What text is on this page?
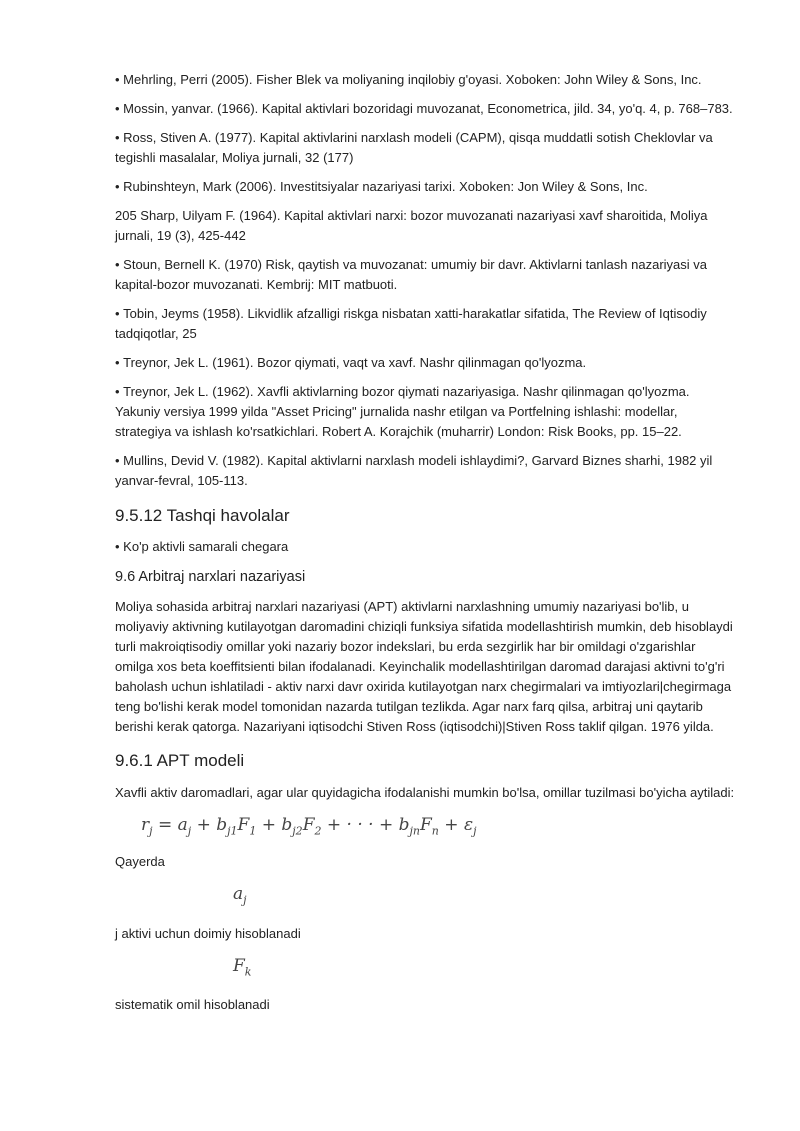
• Mehrling, Perri (2005). Fisher Blek va moliyaning inqilobiy g'oyasi. Xoboken: John Wiley & Sons, Inc.
• Mossin, yanvar. (1966). Kapital aktivlari bozoridagi muvozanat, Econometrica, jild. 34, yo'q. 4, p. 768–783.
• Ross, Stiven A. (1977). Kapital aktivlarini narxlash modeli (CAPM), qisqa muddatli sotish Cheklovlar va tegishli masalalar, Moliya jurnali, 32 (177)
• Rubinshteyn, Mark (2006). Investitsiyalar nazariyasi tarixi. Xoboken: Jon Wiley & Sons, Inc.
205 Sharp, Uilyam F. (1964). Kapital aktivlari narxi: bozor muvozanati nazariyasi xavf sharoitida, Moliya jurnali, 19 (3), 425-442
• Stoun, Bernell K. (1970) Risk, qaytish va muvozanat: umumiy bir davr. Aktivlarni tanlash nazariyasi va kapital-bozor muvozanati. Kembrij: MIT matbuoti.
• Tobin, Jeyms (1958). Likvidlik afzalligi riskga nisbatan xatti-harakatlar sifatida, The Review of Iqtisodiy tadqiqotlar, 25
• Treynor, Jek L. (1961). Bozor qiymati, vaqt va xavf. Nashr qilinmagan qo'lyozma.
• Treynor, Jek L. (1962). Xavfli aktivlarning bozor qiymati nazariyasiga. Nashr qilinmagan qo'lyozma. Yakuniy versiya 1999 yilda "Asset Pricing" jurnalida nashr etilgan va Portfelning ishlashi: modellar, strategiya va ishlash ko'rsatkichlari. Robert A. Korajchik (muharrir) London: Risk Books, pp. 15–22.
• Mullins, Devid V. (1982). Kapital aktivlarni narxlash modeli ishlaydimi?, Garvard Biznes sharhi, 1982 yil yanvar-fevral, 105-113.
9.5.12 Tashqi havolalar
• Ko'p aktivli samarali chegara
9.6 Arbitraj narxlari nazariyasi
Moliya sohasida arbitraj narxlari nazariyasi (APT) aktivlarni narxlashning umumiy nazariyasi bo'lib, u moliyaviy aktivning kutilayotgan daromadini chiziqli funksiya sifatida modellashtirish mumkin, deb hisoblaydi turli makroiqtisodiy omillar yoki nazariy bozor indekslari, bu erda sezgirlik har bir omildagi o'zgarishlar omilga xos beta koeffitsienti bilan ifodalanadi. Keyinchalik modellashtirilgan daromad darajasi aktivni to'g'ri baholash uchun ishlatiladi - aktiv narxi davr oxirida kutilayotgan narx chegirmalari va imtiyozlari|chegirmaga teng bo'lishi kerak model tomonidan nazarda tutilgan tezlikda. Agar narx farq qilsa, arbitraj uni qaytarib berishi kerak qatorga. Nazariyani iqtisodchi Stiven Ross (iqtisodchi)|Stiven Ross taklif qilgan. 1976 yilda.
9.6.1 APT modeli
Xavfli aktiv daromadlari, agar ular quyidagicha ifodalanishi mumkin bo'lsa, omillar tuzilmasi bo'yicha aytiladi:
$r_j = a_j + b_{j1}F_1 + b_{j2}F_2$ + · · · + $b_{jn}F_n + \varepsilon_j$
Qayerda
$a_j$
j aktivi uchun doimiy hisoblanadi
$F_k$
sistematik omil hisoblanadi
